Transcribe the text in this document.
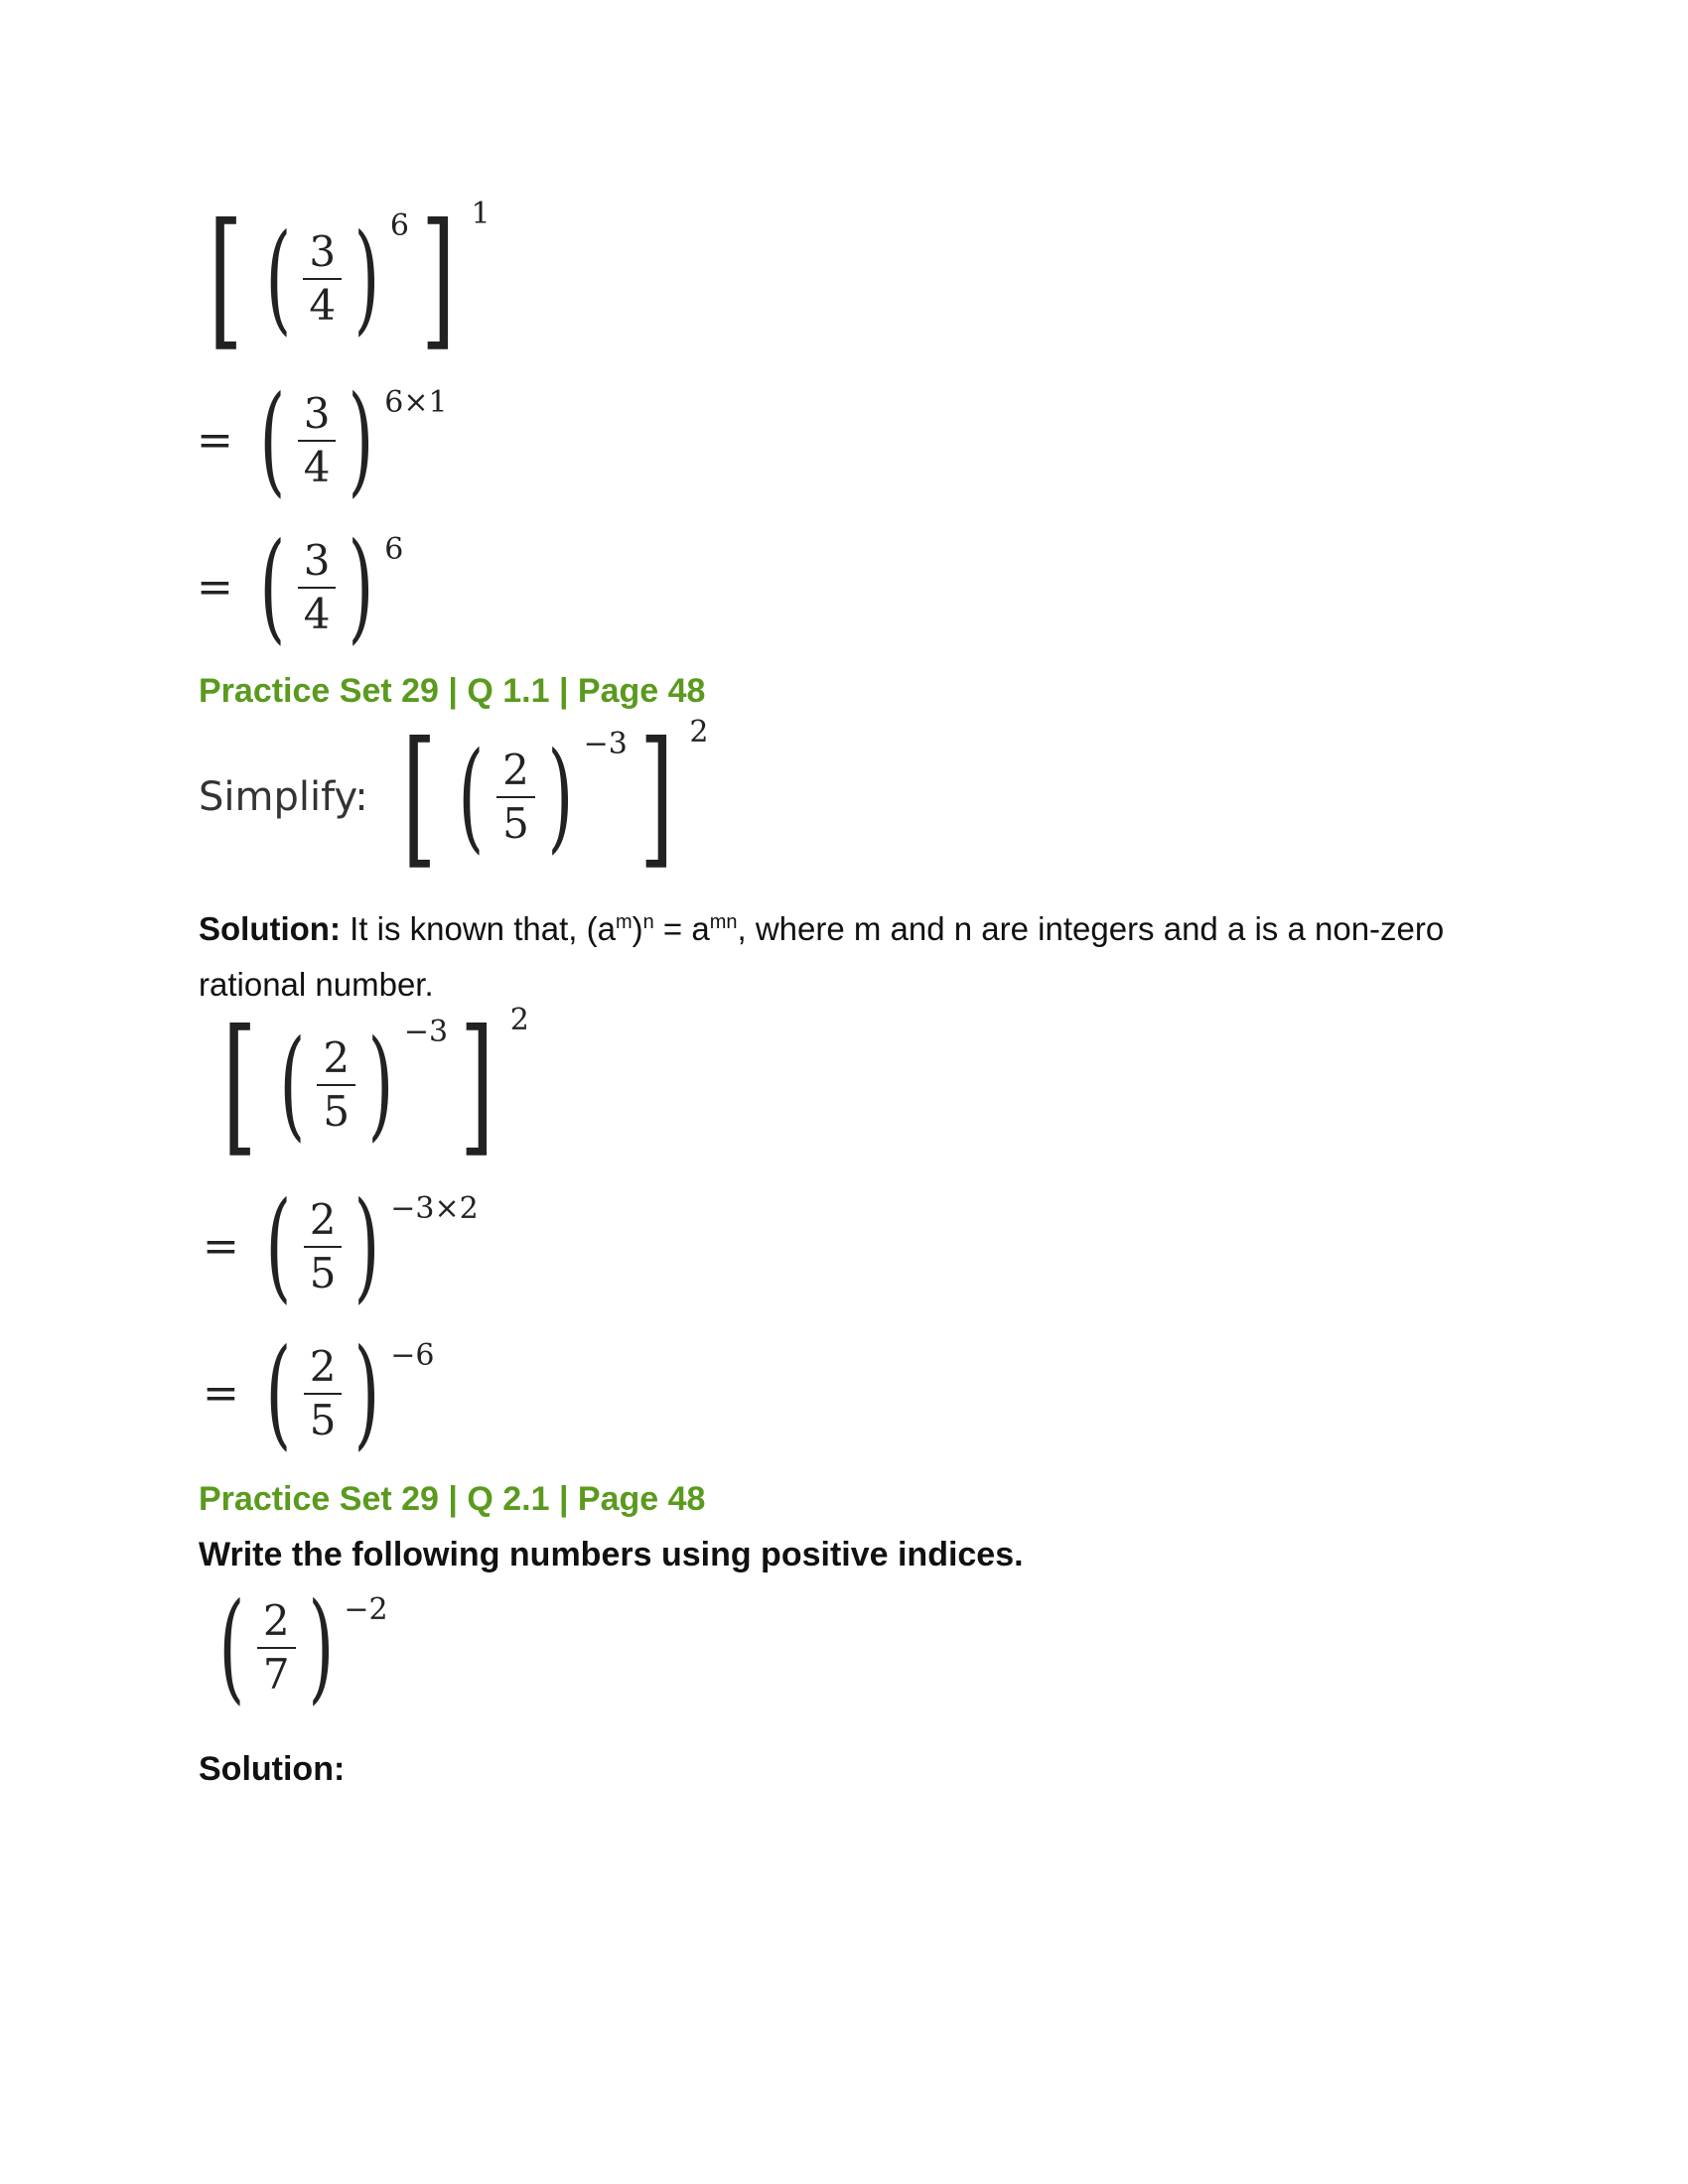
[ ( $\frac{3}{4}$ ) 6 ] 1
= ( $\frac{3}{4}$ ) 6×1
= ( $\frac{3}{4}$ ) 6
Practice Set 29 | Q 1.1 | Page 48
Simplify: [ ( $\frac{2}{5}$ ) −3 ] 2
Solution: It is known that, $(a^m)^n = a^{mn}$, where m and n are integers and a is a non-zero
rational number.
[ ( $\frac{2}{5}$ ) −3 ] 2
= ( $\frac{2}{5}$ ) −3×2
= ( $\frac{2}{5}$ ) −6
Practice Set 29 | Q 2.1 | Page 48
Write the following numbers using positive indices.
( $\frac{2}{7}$ ) −2
Solution:
